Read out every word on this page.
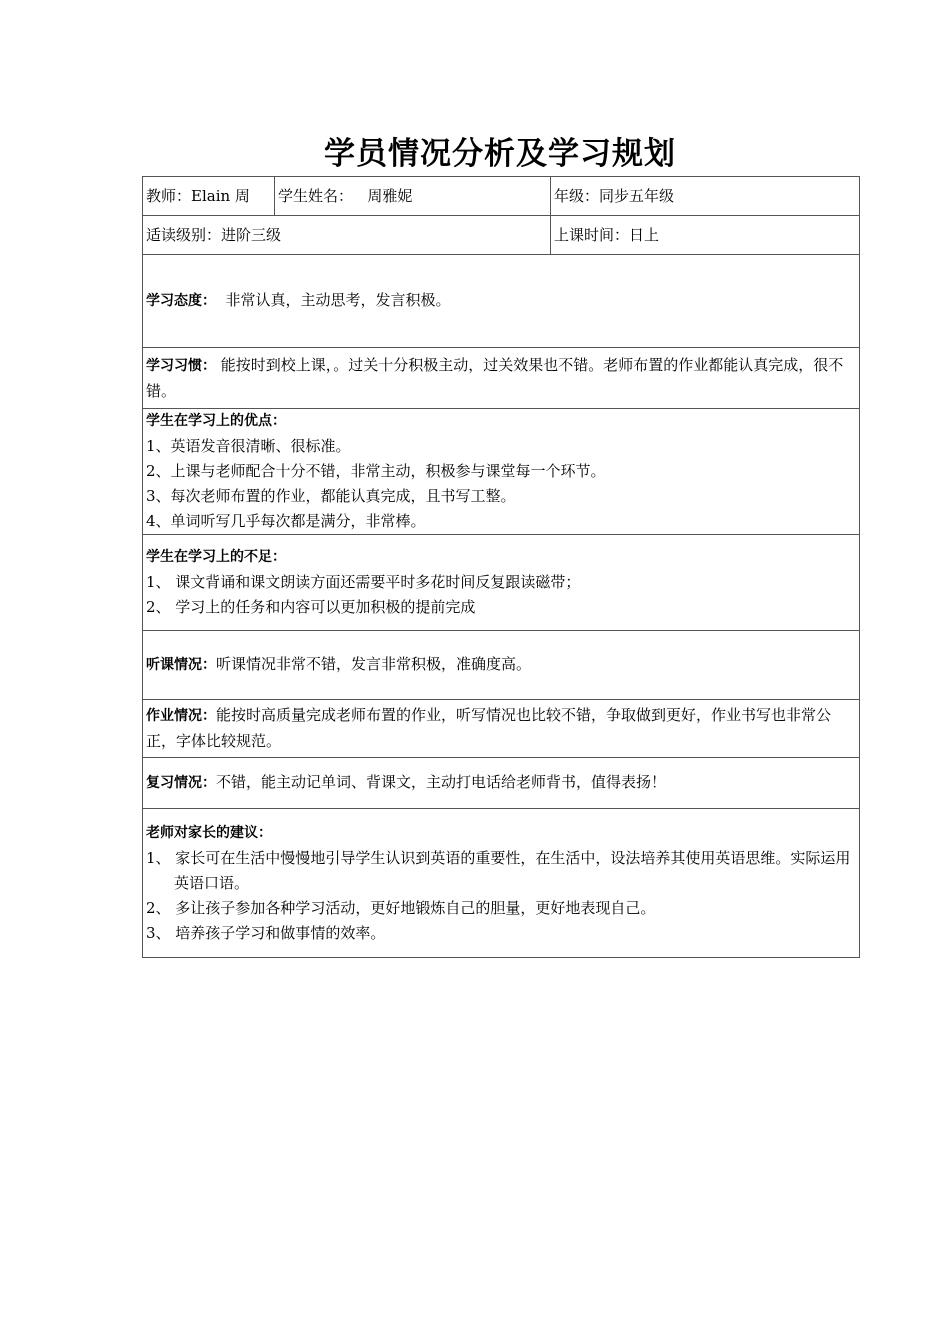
学员情况分析及学习规划
教师：Elain 周	学生姓名： 周雅妮	年级：同步五年级
适读级别：进阶三级		上课时间：日上
学习态度： 非常认真，主动思考，发言积极。		
学习习惯： 能按时到校上课，。过关十分积极主动，过关效果也不错。老师布置的作业都能认真完成，很不错。		

学生在学习上的优点：
1、英语发音很清晰、很标准。
2、上课与老师配合十分不错，非常主动，积极参与课堂每一个环节。
3、每次老师布置的作业，都能认真完成，且书写工整。
4、单词听写几乎每次都是满分，非常棒。		

学生在学习上的不足：
1、 课文背诵和课文朗读方面还需要平时多花时间反复跟读磁带；
2、 学习上的任务和内容可以更加积极的提前完成		

听课情况：听课情况非常不错，发言非常积极，准确度高。		
作业情况：能按时高质量完成老师布置的作业，听写情况也比较不错，争取做到更好，作业书写也非常公正，字体比较规范。		
复习情况：不错，能主动记单词、背课文，主动打电话给老师背书，值得表扬！		

老师对家长的建议：
1、 家长可在生活中慢慢地引导学生认识到英语的重要性，在生活中，设法培养其使用英语思维。实际运用英语口语。
2、 多让孩子参加各种学习活动，更好地锻炼自己的胆量，更好地表现自己。
3、 培养孩子学习和做事情的效率。		
